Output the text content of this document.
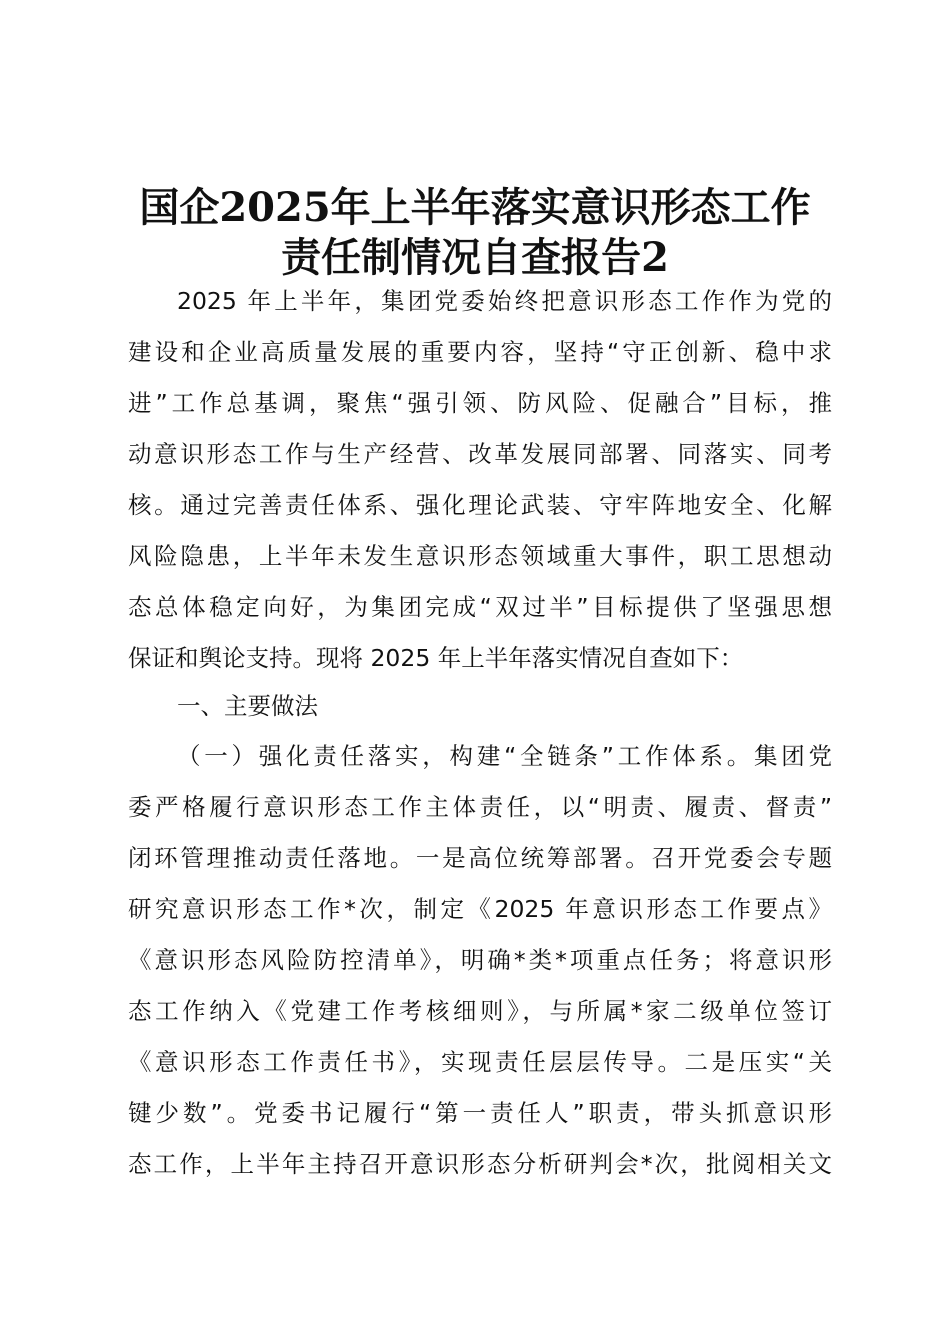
国企2025年上半年落实意识形态工作
责任制情况自查报告2
2025 年上半年，集团党委始终把意识形态工作作为党的
建设和企业高质量发展的重要内容，坚持“守正创新、稳中求
进”工作总基调，聚焦“强引领、防风险、促融合”目标，推
动意识形态工作与生产经营、改革发展同部署、同落实、同考
核。通过完善责任体系、强化理论武装、守牢阵地安全、化解
风险隐患，上半年未发生意识形态领域重大事件，职工思想动
态总体稳定向好，为集团完成“双过半”目标提供了坚强思想
保证和舆论支持。现将 2025 年上半年落实情况自查如下：
一、主要做法
（一）强化责任落实，构建“全链条”工作体系。集团党
委严格履行意识形态工作主体责任，以“明责、履责、督责”
闭环管理推动责任落地。一是高位统筹部署。召开党委会专题
研究意识形态工作*次，制定《2025 年意识形态工作要点》
《意识形态风险防控清单》，明确*类*项重点任务；将意识形
态工作纳入《党建工作考核细则》，与所属*家二级单位签订
《意识形态工作责任书》，实现责任层层传导。二是压实“关
键少数”。党委书记履行“第一责任人”职责，带头抓意识形
态工作，上半年主持召开意识形态分析研判会*次，批阅相关文
